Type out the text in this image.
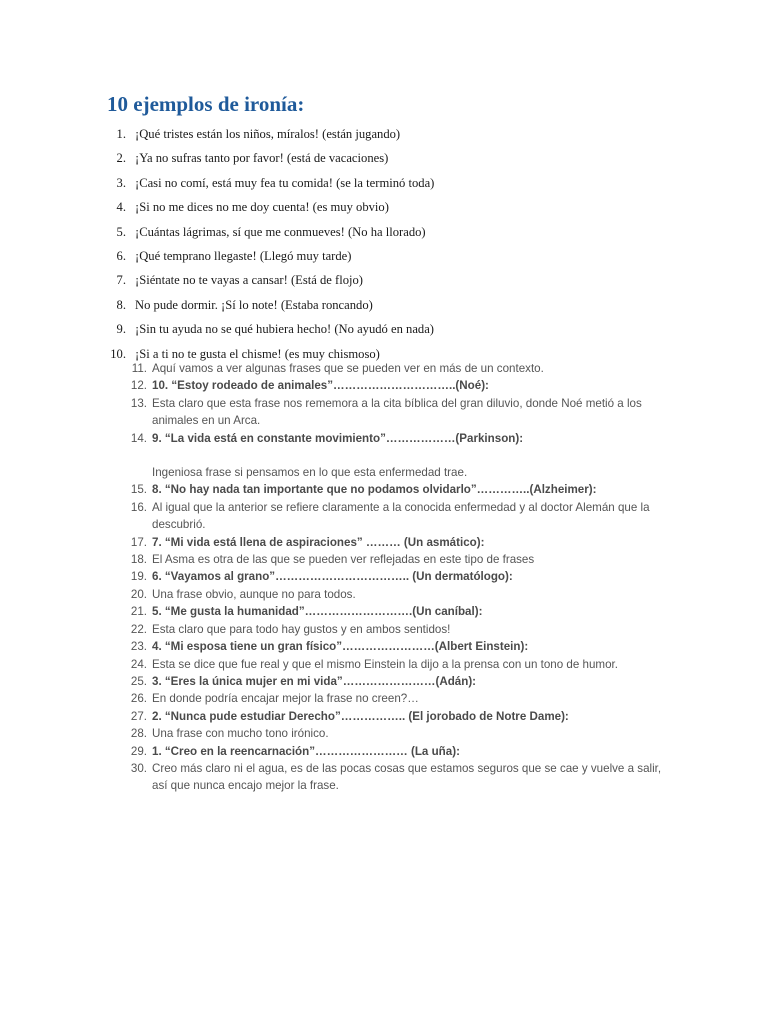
10 ejemplos de ironía:
1. ¡Qué tristes están los niños, míralos! (están jugando)
2. ¡Ya no sufras tanto por favor! (está de vacaciones)
3. ¡Casi no comí, está muy fea tu comida! (se la terminó toda)
4. ¡Si no me dices no me doy cuenta! (es muy obvio)
5. ¡Cuántas lágrimas, sí que me conmueves! (No ha llorado)
6. ¡Qué temprano llegaste! (Llegó muy tarde)
7. ¡Siéntate no te vayas a cansar! (Está de flojo)
8. No pude dormir. ¡Sí lo note! (Estaba roncando)
9. ¡Sin tu ayuda no se qué hubiera hecho! (No ayudó en nada)
10. ¡Si a ti no te gusta el chisme! (es muy chismoso)
11. Aquí vamos a ver algunas frases que se pueden ver en más de un contexto.
12. 10. “Estoy rodeado de animales”…………………………..(Noé):
13. Esta claro que esta frase nos rememora a la cita bíblica del gran diluvio, donde Noé metió a los animales en un Arca.
14. 9. “La vida está en constante movimiento”………………(Parkinson):
Ingeniosa frase si pensamos en lo que esta enfermedad trae.
15. 8. “No hay nada tan importante que no podamos olvidarlo”…………..(Alzheimer):
16. Al igual que la anterior se refiere claramente a la conocida enfermedad y al doctor Alemán que la descubrió.
17. 7. “Mi vida está llena de aspiraciones” ……… (Un asmático):
18. El Asma es otra de las que se pueden ver reflejadas en este tipo de frases
19. 6. “Vayamos al grano”…………………………….. (Un dermatólogo):
20. Una frase obvio, aunque no para todos.
21. 5. “Me gusta la humanidad”……………………….(Un caníbal):
22. Esta claro que para todo hay gustos y en ambos sentidos!
23. 4. “Mi esposa tiene un gran físico”……………………(Albert Einstein):
24. Esta se dice que fue real y que el mismo Einstein la dijo a la prensa con un tono de humor.
25. 3. “Eres la única mujer en mi vida”……………………(Adán):
26. En donde podría encajar mejor la frase no creen?…
27. 2. “Nunca pude estudiar Derecho”…………….. (El jorobado de Notre Dame):
28. Una frase con mucho tono irónico.
29. 1. “Creo en la reencarnación”…………………… (La uña):
30. Creo más claro ni el agua, es de las pocas cosas que estamos seguros que se cae y vuelve a salir, así que nunca encajo mejor la frase.
